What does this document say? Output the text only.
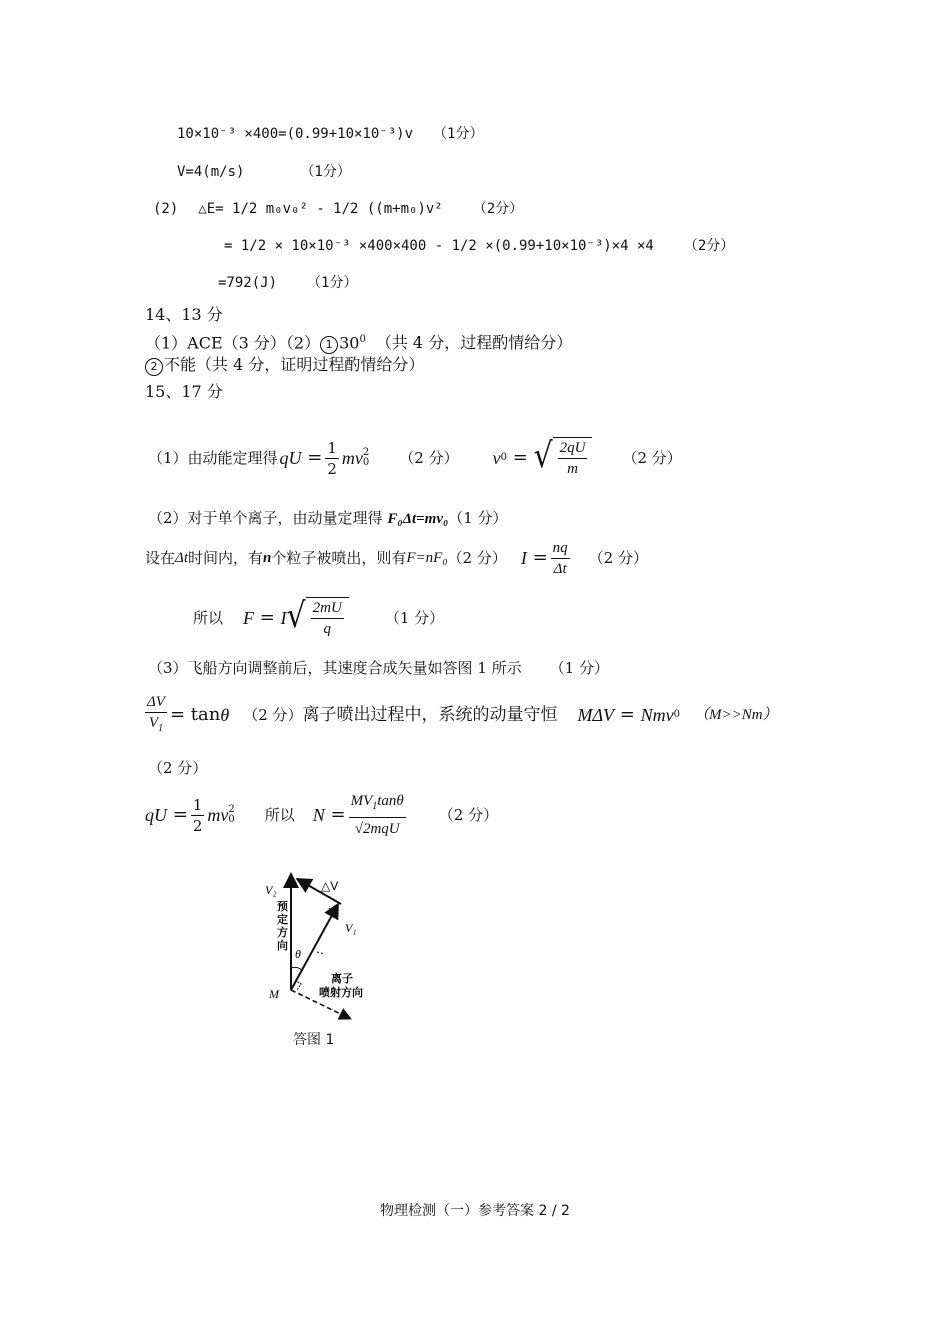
10×10⁻³ ×400=(0.99+10×10⁻³)v （1分）
V=4(m/s)	（1分）
(2) △E= 1/2 m₀v₀² - 1/2 ((m+m₀)v² （2分）
= 1/2 × 10×10⁻³ ×400×400 - 1/2 ×(0.99+10×10⁻³)×4 ×4 （2分）
=792(J) （1分）
14、13 分
（1）ACE（3 分）（2） 1 $30^0$ （共 4 分，过程酌情给分）
2 不能（共 4 分，证明过程酌情给分）
15、17 分
（1）由动能定理得 qU = $\frac{1}{2}$ mv 2
0 （2 分） v 0 = √ $\frac{2qU}{m} (2$ 分）
（2）对于单个离子，由动量定理得 F₀Δt=mv₀（1 分）
设在 Δt 时间内，有 n 个粒子被喷出，则有 F=nF₀ （2 分） $I = \frac{nq}{\Delta t} (2$ 分）
所以 F = I √ $\frac{2mU}{q}$	（1 分）
（3）飞船方向调整前后，其速度合成矢量如答图 1 所示 （1 分）
$\frac{\Delta V}{V_1} = \tan \theta$ （2 分） 离子喷出过程中，系统的动量守恒 MΔV = Nmv 0 （M>>Nm）
（2 分）
qU = $\frac{1}{2}$ mv 2
0 所以 $N = \frac{MV_1\tan\theta}{\text{√2mqU}} (2$ 分）
V₂	△V
V₁
θ
M
预
定
方
向
离子
喷射方向
答图 1
物理检测（一）参考答案 2 / 2
